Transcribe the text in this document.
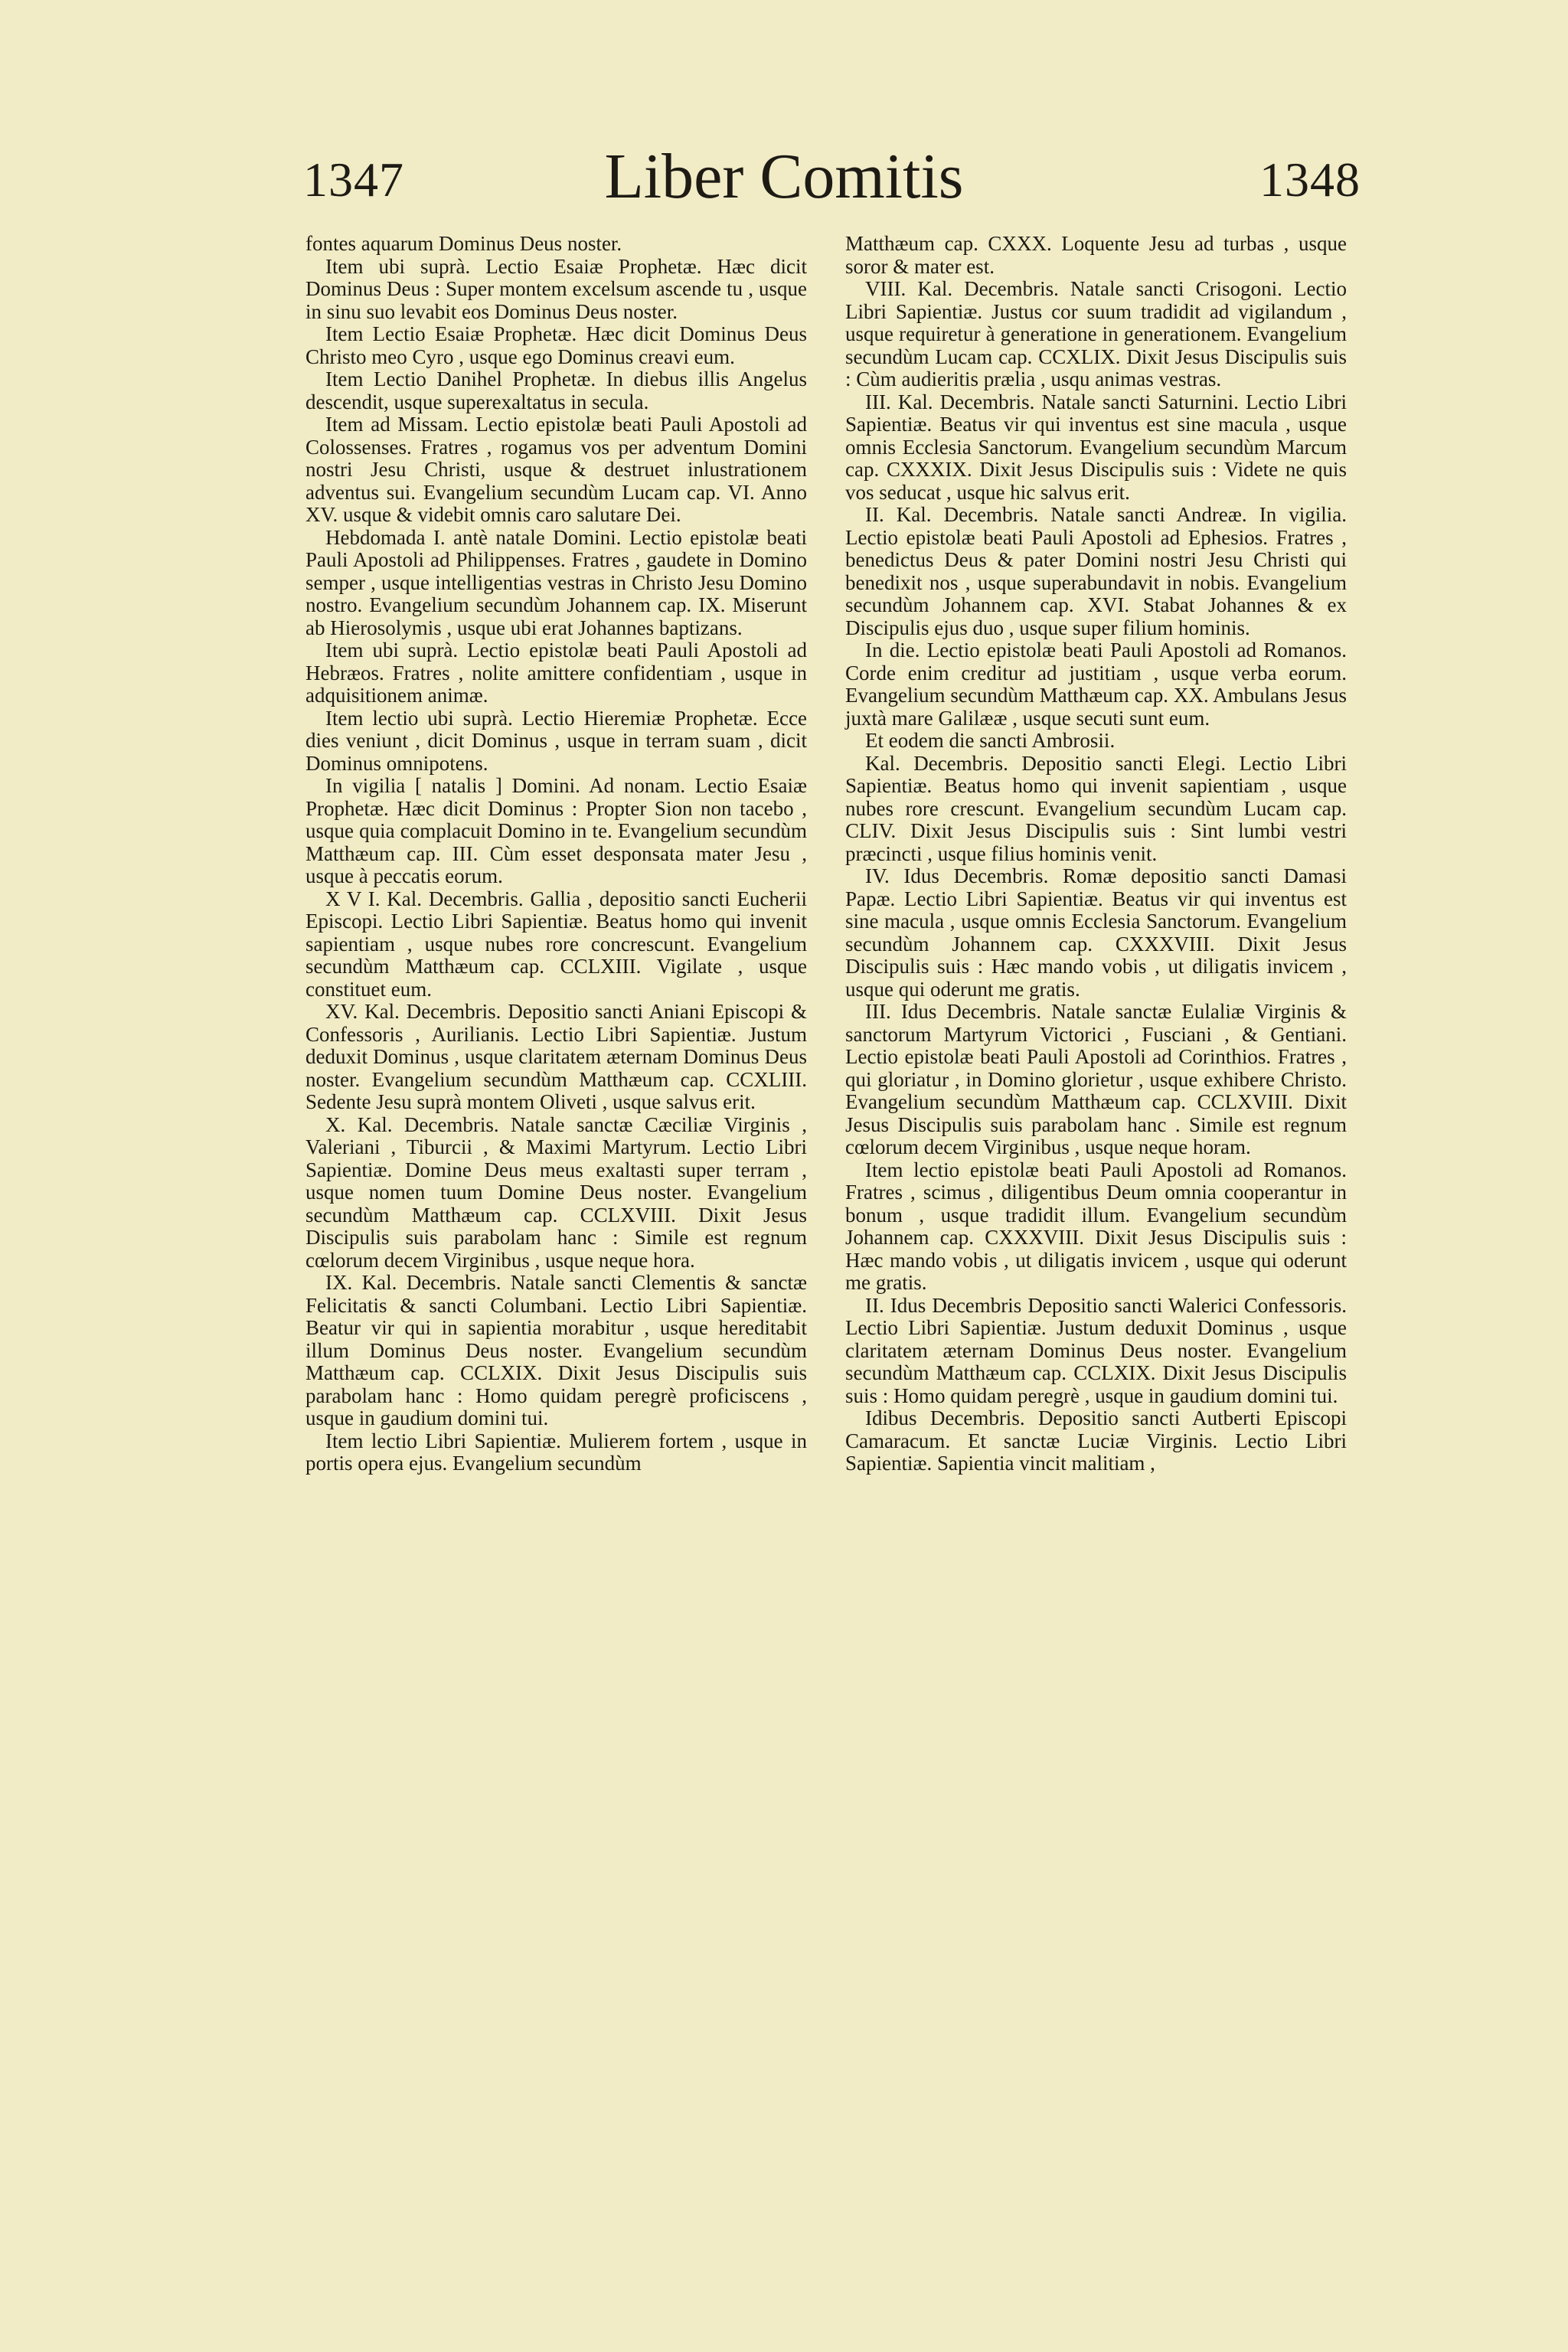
1347	Liber Comitis	1348

fontes aquarum Dominus Deus noster.

Item ubi suprà. Lectio Esaiæ Prophetæ. Hæc dicit Dominus Deus : Super montem excelsum ascende tu , usque in sinu suo levabit eos Dominus Deus noster.

Item Lectio Esaiæ Prophetæ. Hæc dicit Dominus Deus Christo meo Cyro , usque ego Dominus creavi eum.

Item Lectio Danihel Prophetæ. In diebus illis Angelus descendit, usque superexaltatus in secula.

Item ad Missam. Lectio epistolæ beati Pauli Apostoli ad Colossenses. Fratres , rogamus vos per adventum Domini nostri Jesu Christi, usque & destruet inlustrationem adventus sui. Evangelium secundùm Lucam cap. VI. Anno XV. usque & videbit omnis caro salutare Dei.

Hebdomada I. antè natale Domini. Lectio epistolæ beati Pauli Apostoli ad Philippenses. Fratres , gaudete in Domino semper , usque intelligentias vestras in Christo Jesu Domino nostro. Evangelium secundùm Johannem cap. IX. Miserunt ab Hierosolymis , usque ubi erat Johannes baptizans.

Item ubi suprà. Lectio epistolæ beati Pauli Apostoli ad Hebræos. Fratres , nolite amittere confidentiam , usque in adquisitionem animæ.

Item lectio ubi suprà. Lectio Hieremiæ Prophetæ. Ecce dies veniunt , dicit Dominus , usque in terram suam , dicit Dominus omnipotens.

In vigilia [ natalis ] Domini. Ad nonam. Lectio Esaiæ Prophetæ. Hæc dicit Dominus : Propter Sion non tacebo , usque quia complacuit Domino in te. Evangelium secundùm Matthæum cap. III. Cùm esset desponsata mater Jesu , usque à peccatis eorum.

X V I. Kal. Decembris. Gallia , depositio sancti Eucherii Episcopi. Lectio Libri Sapientiæ. Beatus homo qui invenit sapientiam , usque nubes rore concrescunt. Evangelium secundùm Matthæum cap. CCLXIII. Vigilate , usque constituet eum.

XV. Kal. Decembris. Depositio sancti Aniani Episcopi & Confessoris , Aurilianis. Lectio Libri Sapientiæ. Justum deduxit Dominus , usque claritatem æternam Dominus Deus noster. Evangelium secundùm Matthæum cap. CCXLIII. Sedente Jesu suprà montem Oliveti , usque salvus erit.

X. Kal. Decembris. Natale sanctæ Cæciliæ Virginis , Valeriani , Tiburcii , & Maximi Martyrum. Lectio Libri Sapientiæ. Domine Deus meus exaltasti super terram , usque nomen tuum Domine Deus noster. Evangelium secundùm Matthæum cap. CCLXVIII. Dixit Jesus Discipulis suis parabolam hanc : Simile est regnum cœlorum decem Virginibus , usque neque hora.

IX. Kal. Decembris. Natale sancti Clementis & sanctæ Felicitatis & sancti Columbani. Lectio Libri Sapientiæ. Beatur vir qui in sapientia morabitur , usque hereditabit illum Dominus Deus noster. Evangelium secundùm Matthæum cap. CCLXIX. Dixit Jesus Discipulis suis parabolam hanc : Homo quidam peregrè proficiscens , usque in gaudium domini tui.

Item lectio Libri Sapientiæ. Mulierem fortem , usque in portis opera ejus. Evangelium secundùm

Matthæum cap. CXXX. Loquente Jesu ad turbas , usque soror & mater est.

VIII. Kal. Decembris. Natale sancti Crisogoni. Lectio Libri Sapientiæ. Justus cor suum tradidit ad vigilandum , usque requiretur à generatione in generationem. Evangelium secundùm Lucam cap. CCXLIX. Dixit Jesus Discipulis suis : Cùm audieritis prælia , usqu animas vestras.

III. Kal. Decembris. Natale sancti Saturnini. Lectio Libri Sapientiæ. Beatus vir qui inventus est sine macula , usque omnis Ecclesia Sanctorum. Evangelium secundùm Marcum cap. CXXXIX. Dixit Jesus Discipulis suis : Videte ne quis vos seducat , usque hic salvus erit.

II. Kal. Decembris. Natale sancti Andreæ. In vigilia. Lectio epistolæ beati Pauli Apostoli ad Ephesios. Fratres , benedictus Deus & pater Domini nostri Jesu Christi qui benedixit nos , usque superabundavit in nobis. Evangelium secundùm Johannem cap. XVI. Stabat Johannes & ex Discipulis ejus duo , usque super filium hominis.

In die. Lectio epistolæ beati Pauli Apostoli ad Romanos. Corde enim creditur ad justitiam , usque verba eorum. Evangelium secundùm Matthæum cap. XX. Ambulans Jesus juxtà mare Galilææ , usque secuti sunt eum.

Et eodem die sancti Ambrosii.

Kal. Decembris. Depositio sancti Elegi. Lectio Libri Sapientiæ. Beatus homo qui invenit sapientiam , usque nubes rore crescunt. Evangelium secundùm Lucam cap. CLIV. Dixit Jesus Discipulis suis : Sint lumbi vestri præcincti , usque filius hominis venit.

IV. Idus Decembris. Romæ depositio sancti Damasi Papæ. Lectio Libri Sapientiæ. Beatus vir qui inventus est sine macula , usque omnis Ecclesia Sanctorum. Evangelium secundùm Johannem cap. CXXXVIII. Dixit Jesus Discipulis suis : Hæc mando vobis , ut diligatis invicem , usque qui oderunt me gratis.

III. Idus Decembris. Natale sanctæ Eulaliæ Virginis & sanctorum Martyrum Victorici , Fusciani , & Gentiani. Lectio epistolæ beati Pauli Apostoli ad Corinthios. Fratres , qui gloriatur , in Domino glorietur , usque exhibere Christo. Evangelium secundùm Matthæum cap. CCLXVIII. Dixit Jesus Discipulis suis parabolam hanc . Simile est regnum cœlorum decem Virginibus , usque neque horam.

Item lectio epistolæ beati Pauli Apostoli ad Romanos. Fratres , scimus , diligentibus Deum omnia cooperantur in bonum , usque tradidit illum. Evangelium secundùm Johannem cap. CXXXVIII. Dixit Jesus Discipulis suis : Hæc mando vobis , ut diligatis invicem , usque qui oderunt me gratis.

II. Idus Decembris Depositio sancti Walerici Confessoris. Lectio Libri Sapientiæ. Justum deduxit Dominus , usque claritatem æternam Dominus Deus noster. Evangelium secundùm Matthæum cap. CCLXIX. Dixit Jesus Discipulis suis : Homo quidam peregrè , usque in gaudium domini tui.

Idibus Decembris. Depositio sancti Autberti Episcopi Camaracum. Et sanctæ Luciæ Virginis. Lectio Libri Sapientiæ. Sapientia vincit malitiam ,
